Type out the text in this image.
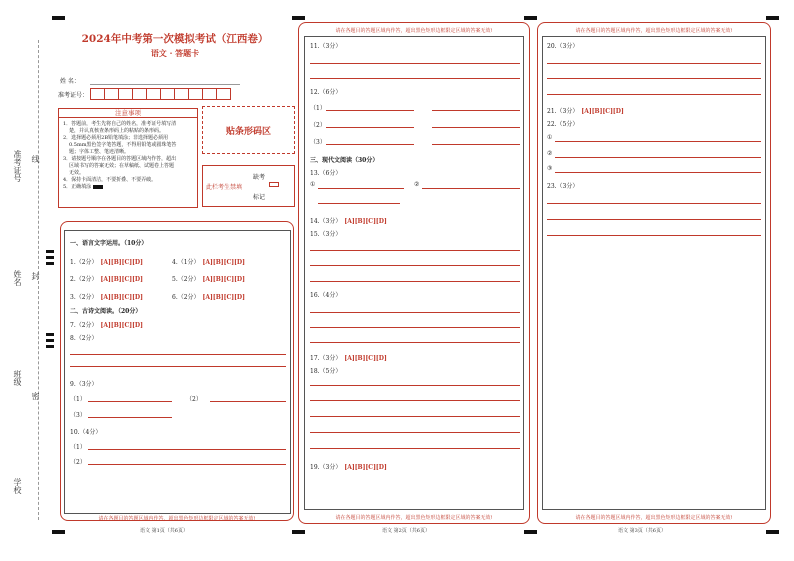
准考证号 线
姓名 封
班级
密
学校
2024年中考第一次模拟考试（江西卷）
语文 · 答题卡
姓 名：
准考证号：
注意事项
1．答题前，考生先将自己的姓名，准考证号填写清
楚，并认真核查条形码上的粘贴的条形码。
2．选择题必须用2B铅笔填涂；非选择题必须用
0.5mm黑色签字笔答题，不得用铅笔或圆珠笔答
题；字体工整、笔迹清晰。
3．请按题号顺序在各题目的答题区域内作答，超出
区域书写的答案无效；在草稿纸、试题卷上答题
无效。
4．保持卡面清洁，不要折叠、不要弄破。
5．正确填涂
贴条形码区
此栏考生禁填
缺考
标记
一、语言文字运用。（10分）
1.（2分） [A][B][C][D]	4.（1分） [A][B][C][D]
2.（2分） [A][B][C][D]	5.（2分） [A][B][C][D]
3.（2分） [A][B][C][D]	6.（2分） [A][B][C][D]
二、古诗文阅读。（20分）
7.（2分） [A][B][C][D]
8.（2分）
9.（3分）
（1）	（2）
（3）
10.（4分）
（1）
（2）
请在各题目的答题区域内作答，超出黑色矩形边框限定区域的答案无效!
语文 第1页（共6页）
请在各题目的答题区域内作答，超出黑色矩形边框限定区域的答案无效!
11.（3分）
12.（6分）
（1）
（2）
（3）
三、现代文阅读（30分）
13.（6分）
①	②
14.（3分） [A][B][C][D]
15.（3分）
16.（4分）
17.（3分） [A][B][C][D]
18.（5分）
19.（3分） [A][B][C][D]
请在各题目的答题区域内作答，超出黑色矩形边框限定区域的答案无效!
语文 第2页（共6页）
请在各题目的答题区域内作答，超出黑色矩形边框限定区域的答案无效!
20.（3分）
21.（3分） [A][B][C][D]
22.（5分）
①
②
③
23.（3分）
请在各题目的答题区域内作答，超出黑色矩形边框限定区域的答案无效!
语文 第3页（共6页）
